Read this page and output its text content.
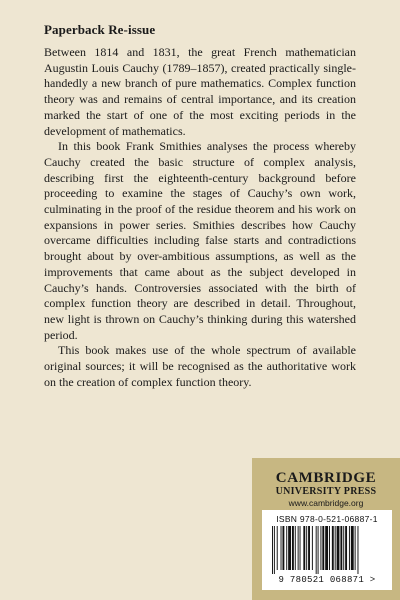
Paperback Re-issue

Between 1814 and 1831, the great French mathematician Augustin Louis Cauchy (1789–1857), created practically single-handedly a new branch of pure mathematics. Complex function theory was and remains of central importance, and its creation marked the start of one of the most exciting periods in the development of mathematics.

In this book Frank Smithies analyses the process whereby Cauchy created the basic structure of complex analysis, describing first the eighteenth-century background before proceeding to examine the stages of Cauchy’s own work, culminating in the proof of the residue theorem and his work on expansions in power series. Smithies describes how Cauchy overcame difficulties including false starts and contradictions brought about by over-ambitious assumptions, as well as the improvements that came about as the subject developed in Cauchy’s hands. Controversies associated with the birth of complex function theory are described in detail. Throughout, new light is thrown on Cauchy’s thinking during this watershed period.

This book makes use of the whole spectrum of available original sources; it will be recognised as the authoritative work on the creation of complex function theory.

CAMBRIDGE
UNIVERSITY PRESS
www.cambridge.org
ISBN 978-0-521-06887-1
9 780521 068871 >
